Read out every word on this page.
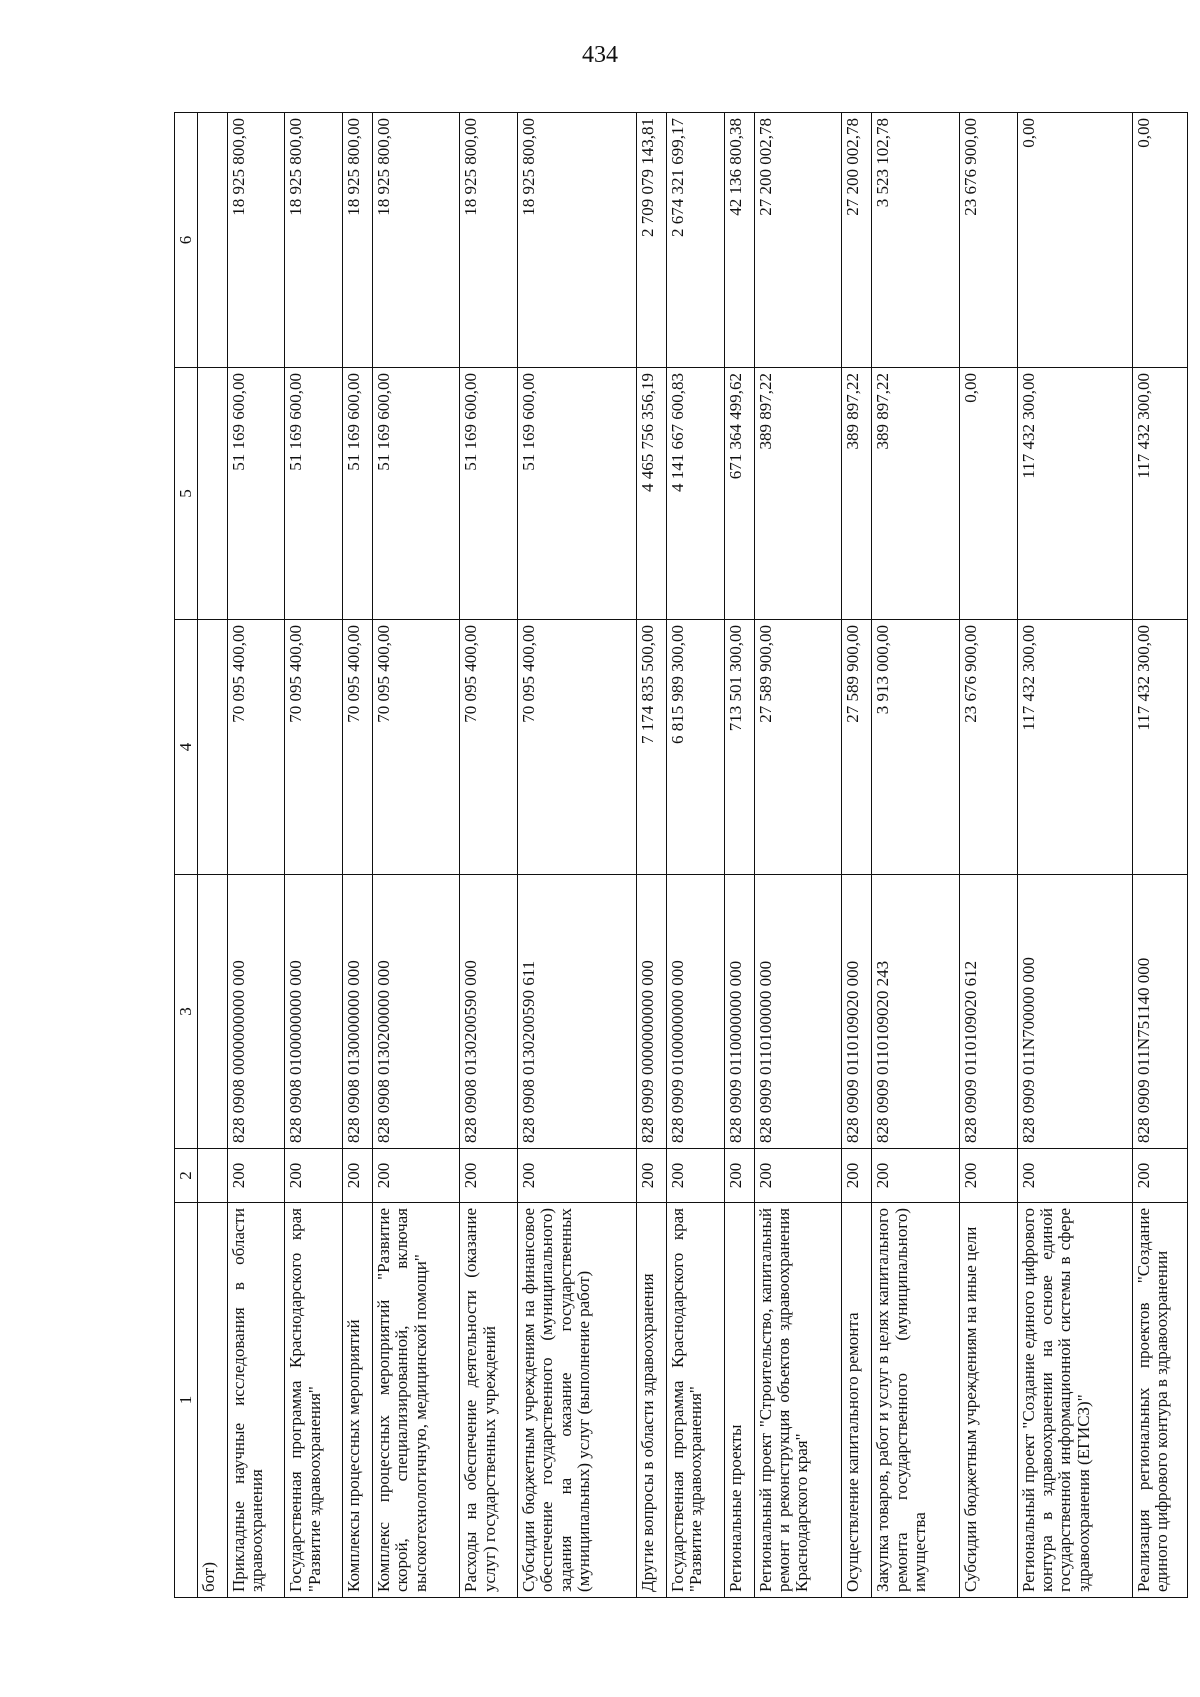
434
1	2	3	4	5	6
бот)					
Прикладные научные исследования в области здравоохранения	200	828 0908 0000000000 000	70 095 400,00	51 169 600,00	18 925 800,00
Государственная программа Краснодарского края "Развитие здравоохранения"	200	828 0908 0100000000 000	70 095 400,00	51 169 600,00	18 925 800,00
Комплексы процессных мероприятий	200	828 0908 0130000000 000	70 095 400,00	51 169 600,00	18 925 800,00
Комплекс процессных мероприятий "Развитие скорой, специализированной, включая высокотехнологичную, медицинской помощи"	200	828 0908 0130200000 000	70 095 400,00	51 169 600,00	18 925 800,00
Расходы на обеспечение деятельности (оказание услуг) государственных учреждений	200	828 0908 0130200590 000	70 095 400,00	51 169 600,00	18 925 800,00
Субсидии бюджетным учреждениям на финансовое обеспечение государственного (муниципального) задания на оказание государственных (муниципальных) услуг (выполнение работ)	200	828 0908 0130200590 611	70 095 400,00	51 169 600,00	18 925 800,00
Другие вопросы в области здравоохранения	200	828 0909 0000000000 000	7 174 835 500,00	4 465 756 356,19	2 709 079 143,81
Государственная программа Краснодарского края "Развитие здравоохранения"	200	828 0909 0100000000 000	6 815 989 300,00	4 141 667 600,83	2 674 321 699,17
Региональные проекты	200	828 0909 0110000000 000	713 501 300,00	671 364 499,62	42 136 800,38
Региональный проект "Строительство, капитальный ремонт и реконструкция объектов здравоохранения Краснодарского края"	200	828 0909 0110100000 000	27 589 900,00	389 897,22	27 200 002,78
Осуществление капитального ремонта	200	828 0909 0110109020 000	27 589 900,00	389 897,22	27 200 002,78
Закупка товаров, работ и услуг в целях капитального ремонта государственного (муниципального) имущества	200	828 0909 0110109020 243	3 913 000,00	389 897,22	3 523 102,78
Субсидии бюджетным учреждениям на иные цели	200	828 0909 0110109020 612	23 676 900,00	0,00	23 676 900,00
Региональный проект "Создание единого цифрового контура в здравоохранении на основе единой государственной информационной системы в сфере здравоохранения (ЕГИСЗ)"	200	828 0909 011N700000 000	117 432 300,00	117 432 300,00	0,00
Реализация региональных проектов "Создание единого цифрового контура в здравоохранении	200	828 0909 011N751140 000	117 432 300,00	117 432 300,00	0,00
